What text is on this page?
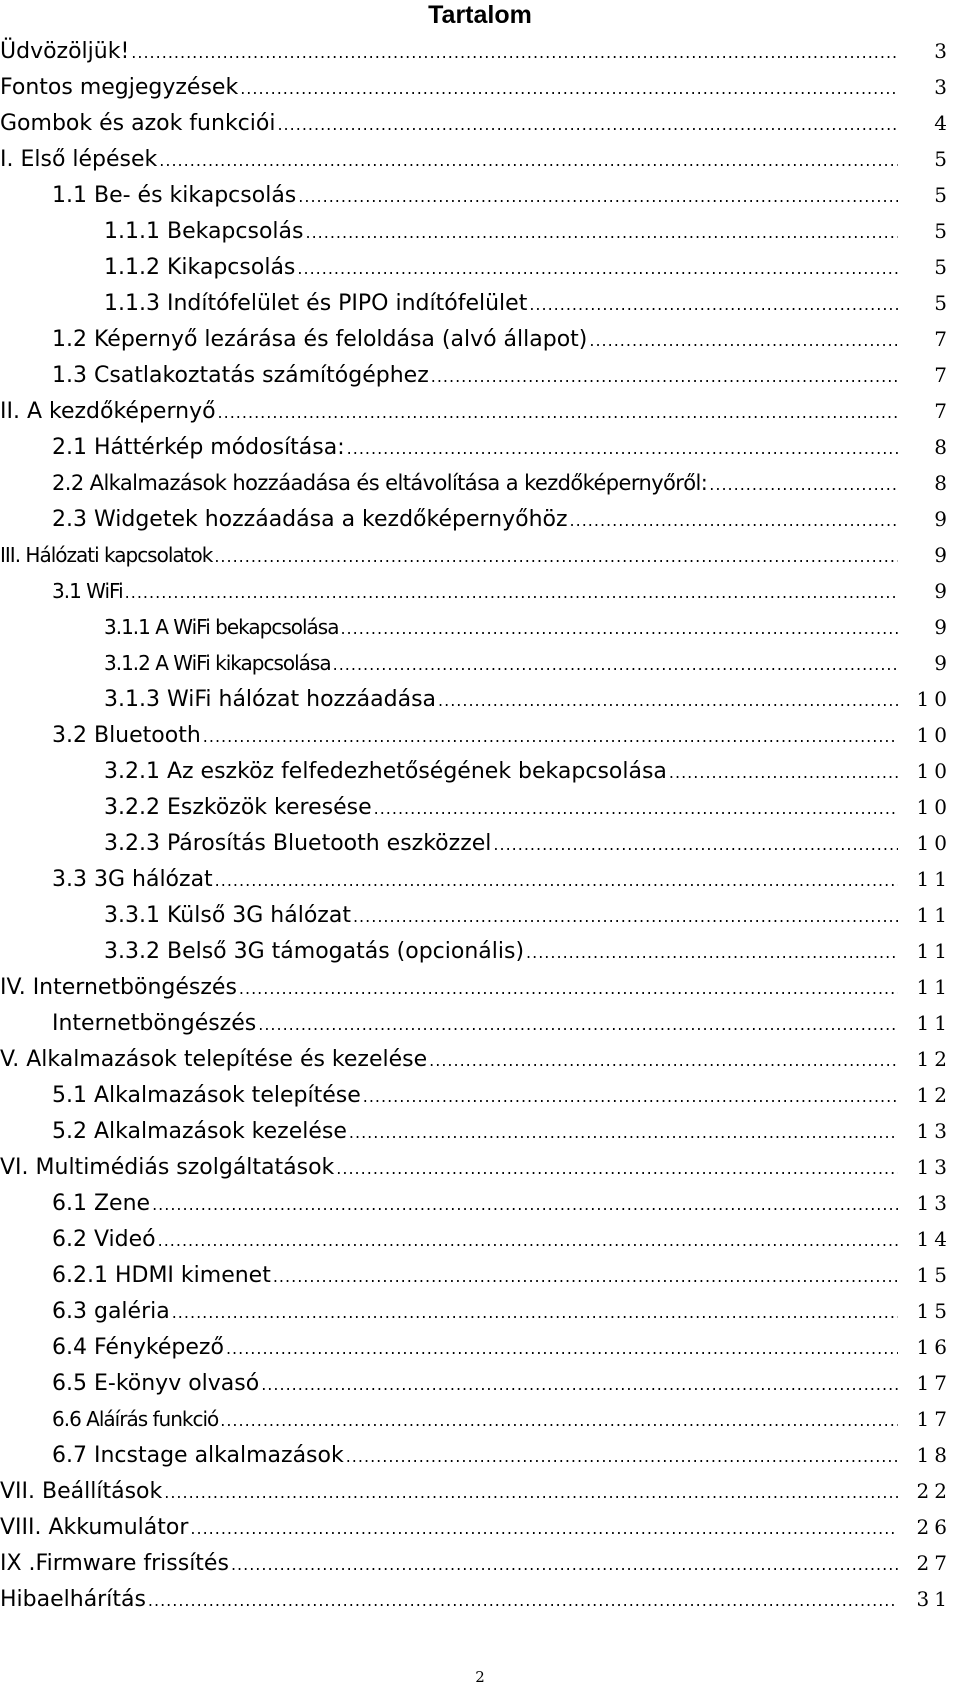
Tartalom
Üdvözöljük! .....	3
Fontos megjegyzések .....	3
Gombok és azok funkciói .....	4
I. Első lépések .....	5
1.1 Be- és kikapcsolás .....	5
1.1.1 Bekapcsolás .....	5
1.1.2 Kikapcsolás .....	5
1.1.3 Indítófelület és PIPO indítófelület .....	5
1.2 Képernyő lezárása és feloldása (alvó állapot) .....	7
1.3 Csatlakoztatás számítógéphez .....	7
II. A kezdőképernyő .....	7
2.1 Háttérkép módosítása: .....	8
2.2 Alkalmazások hozzáadása és eltávolítása a kezdőképernyőről: .....	8
2.3 Widgetek hozzáadása a kezdőképernyőhöz .....	9
III. Hálózati kapcsolatok .....	9
3.1 WiFi .....	9
3.1.1 A WiFi bekapcsolása .....	9
3.1.2 A WiFi kikapcsolása .....	9
3.1.3 WiFi hálózat hozzáadása .....	10
3.2 Bluetooth .....	10
3.2.1 Az eszköz felfedezhetőségének bekapcsolása .....	10
3.2.2 Eszközök keresése .....	10
3.2.3 Párosítás Bluetooth eszközzel .....	10
3.3 3G hálózat .....	11
3.3.1 Külső 3G hálózat .....	11
3.3.2 Belső 3G támogatás (opcionális) .....	11
IV. Internetböngészés .....	11
Internetböngészés .....	11
V. Alkalmazások telepítése és kezelése .....	12
5.1 Alkalmazások telepítése .....	12
5.2 Alkalmazások kezelése .....	13
VI. Multimédiás szolgáltatások .....	13
6.1 Zene .....	13
6.2 Videó .....	14
6.2.1 HDMI kimenet .....	15
6.3 galéria .....	15
6.4 Fényképező .....	16
6.5 E-könyv olvasó .....	17
6.6 Aláírás funkció .....	17
6.7 Incstage alkalmazások .....	18
VII. Beállítások .....	22
VIII. Akkumulátor .....	26
IX .Firmware frissítés .....	27
Hibaelhárítás .....	31
2
